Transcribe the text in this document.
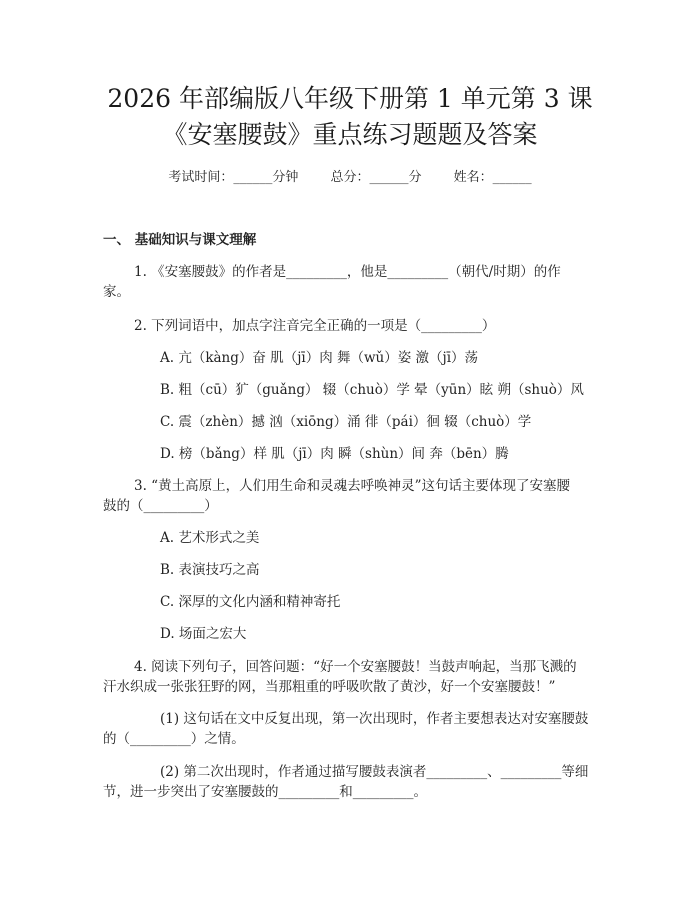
2026 年部编版八年级下册第 1 单元第 3 课
《安塞腰鼓》重点练习题题及答案
考试时间：______分钟 总分：______分 姓名：______
一、 基础知识与课文理解
1. 《安塞腰鼓》的作者是_________，他是_________（朝代/时期）的作
家。
2. 下列词语中，加点字注音完全正确的一项是（_________）
A. 亢（kàng）奋 肌（jī）肉 舞（wǔ）姿 激（jī）荡
B. 粗（cū）犷（guǎng） 辍（chuò）学 晕（yūn）眩 朔（shuò）风
C. 震（zhèn）撼 汹（xiōng）涌 徘（pái）徊 辍（chuò）学
D. 榜（bǎng）样 肌（jī）肉 瞬（shùn）间 奔（bēn）腾
3. “黄土高原上，人们用生命和灵魂去呼唤神灵”这句话主要体现了安塞腰
鼓的（_________）
A. 艺术形式之美
B. 表演技巧之高
C. 深厚的文化内涵和精神寄托
D. 场面之宏大
4. 阅读下列句子，回答问题：“好一个安塞腰鼓！当鼓声响起，当那飞溅的
汗水织成一张张狂野的网，当那粗重的呼吸吹散了黄沙，好一个安塞腰鼓！”
(1) 这句话在文中反复出现，第一次出现时，作者主要想表达对安塞腰鼓
的（_________）之情。
(2) 第二次出现时，作者通过描写腰鼓表演者_________、_________等细
节，进一步突出了安塞腰鼓的_________和_________。
